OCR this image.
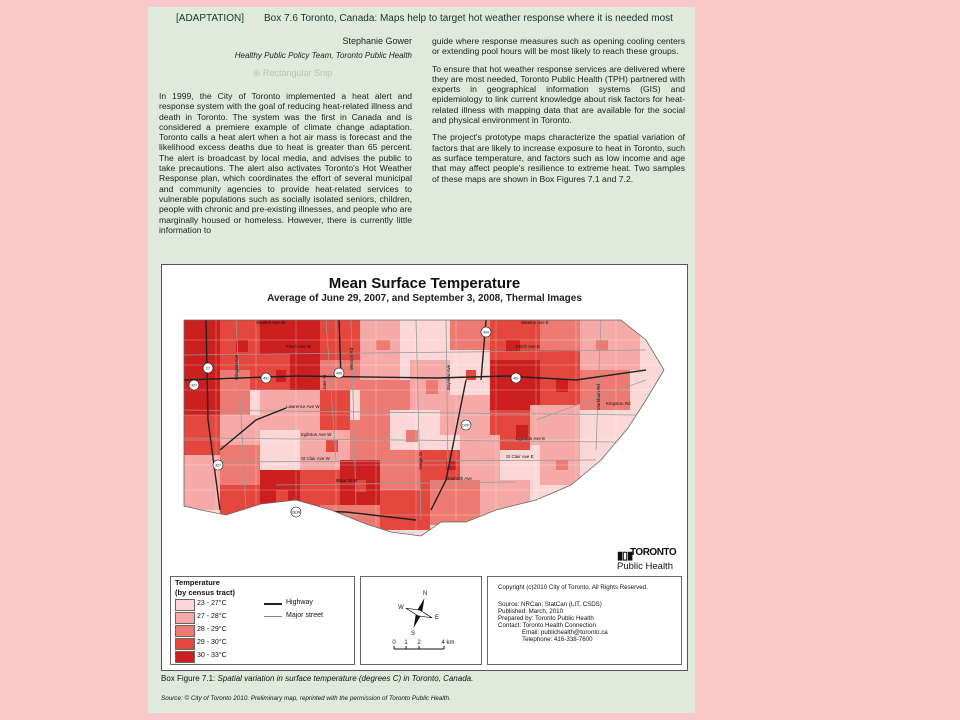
[ADAPTATION] Box 7.6 Toronto, Canada: Maps help to target hot weather response where it is needed most
Stephanie Gower
Healthy Public Policy Team, Toronto Public Health
⊛ Rectangular Snip

In 1999, the City of Toronto implemented a heat alert and response system with the goal of reducing heat-related illness and death in Toronto. The system was the first in Canada and is considered a premiere example of climate change adaptation. Toronto calls a heat alert when a hot air mass is forecast and the likelihood excess deaths due to heat is greater than 65 percent. The alert is broadcast by local media, and advises the public to take precautions. The alert also activates Toronto's Hot Weather Response plan, which coordinates the effort of several municipal and community agencies to provide heat-related services to vulnerable populations such as socially isolated seniors, children, people with chronic and pre-existing illnesses, and people who are marginally housed or homeless. However, there is currently little information to

guide where response measures such as opening cooling centers or extending pool hours will be most likely to reach these groups.

To ensure that hot weather response services are delivered where they are most needed, Toronto Public Health (TPH) partnered with experts in geographical information systems (GIS) and epidemiology to link current knowledge about risk factors for heat-related illness with mapping data that are available for the social and physical environment in Toronto.

The project's prototype maps characterize the spatial variation of factors that are likely to increase exposure to heat in Toronto, such as surface temperature, and factors such as low income and age that may affect people's resilience to extreme heat. Two samples of these maps are shown in Box Figures 7.1 and 7.2.

Mean Surface Temperature
Average of June 29, 2007, and September 3, 2008, Thermal Images
427
27
400
404
401
DVP
427
GEW
401
Steeles Ave W	Steeles Ave E
Finch Ave W	Finch Ave E
Lawrence Ave W
Eglinton Ave W
Eglinton Ave E
St Clair Ave W	St Clair Ave E
Bloor St W	Danforth Ave
Kingston Rd
Bayview Ave
Yonge St
Markham Rd
Jane St
Weston Rd
Islington Ave
▮▯▮
TORONTO
Public Health
Temperature
(by census tract)
23 - 27°C
27 - 28°C
28 - 29°C
29 - 30°C
30 - 33°C
Highway
Major street
N
S
E
W
0 1 2	4 km
Copyright (c)2010 City of Toronto. All Rights Reserved.
Source: NRCan; StatCan (LIT, CSDS)
Published: March, 2010
Prepared by: Toronto Public Health
Contact: Toronto Health Connection
Email: publichealth@toronto.ca
Telephone: 416-338-7600
Box Figure 7.1: Spatial variation in surface temperature (degrees C) in Toronto, Canada.
Source: © City of Toronto 2010. Preliminary map, reprinted with the permission of Toronto Public Health.
